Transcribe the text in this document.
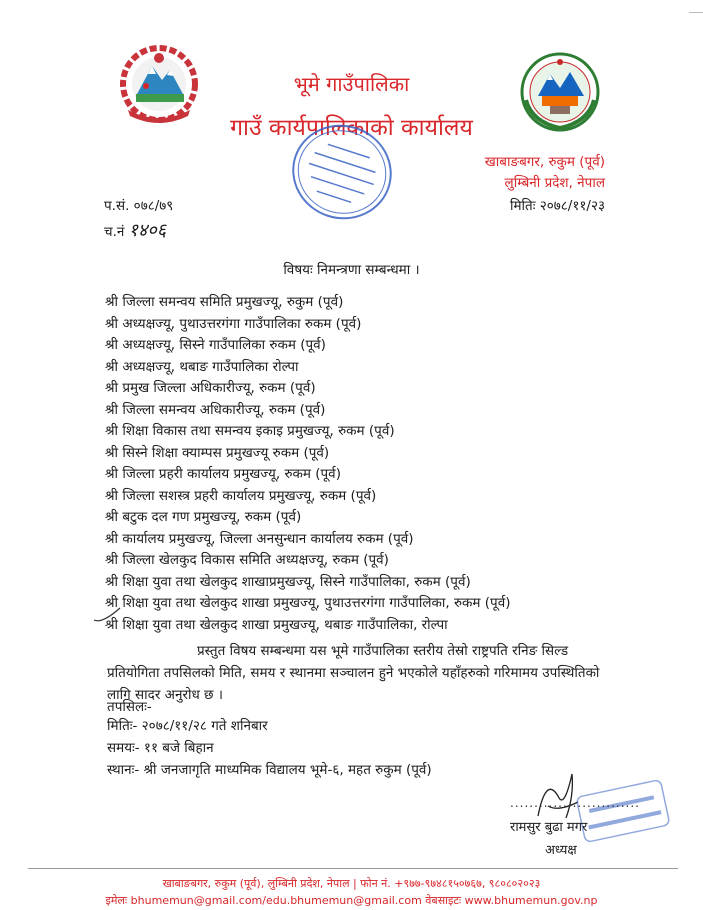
भूमे गाउँपालिका
गाउँ कार्यपालिकाको कार्यालय
खाबाङबगर, रुकुम (पूर्व)
लुम्बिनी प्रदेश, नेपाल
मितिः २०७८/११/२३
प.सं. ०७८/७९
च.नं १४०६
विषयः निमन्त्रणा सम्बन्धमा ।
श्री जिल्ला समन्वय समिति प्रमुखज्यू, रुकुम (पूर्व)
श्री अध्यक्षज्यू, पुथाउत्तरगंगा गाउँपालिका रुकम (पूर्व)
श्री अध्यक्षज्यू, सिस्ने गाउँपालिका रुकम (पूर्व)
श्री अध्यक्षज्यू, थबाङ गाउँपालिका रोल्पा
श्री प्रमुख जिल्ला अधिकारीज्यू, रुकम (पूर्व)
श्री जिल्ला समन्वय अधिकारीज्यू, रुकम (पूर्व)
श्री शिक्षा विकास तथा समन्वय इकाइ प्रमुखज्यू, रुकम (पूर्व)
श्री सिस्ने शिक्षा क्याम्पस प्रमुखज्यू रुकम (पूर्व)
श्री जिल्ला प्रहरी कार्यालय प्रमुखज्यू, रुकम (पूर्व)
श्री जिल्ला सशस्त्र प्रहरी कार्यालय प्रमुखज्यू, रुकम (पूर्व)
श्री बटुक दल गण प्रमुखज्यू, रुकम (पूर्व)
श्री कार्यालय प्रमुखज्यू, जिल्ला अनसुन्धान कार्यालय रुकम (पूर्व)
श्री जिल्ला खेलकुद विकास समिति अध्यक्षज्यू, रुकम (पूर्व)
श्री शिक्षा युवा तथा खेलकुद शाखाप्रमुखज्यू, सिस्ने गाउँपालिका, रुकम (पूर्व)
श्री शिक्षा युवा तथा खेलकुद शाखा प्रमुखज्यू, पुथाउत्तरगंगा गाउँपालिका, रुकम (पूर्व)
श्री शिक्षा युवा तथा खेलकुद शाखा प्रमुखज्यू, थबाङ गाउँपालिका, रोल्पा

प्रस्तुत विषय सम्बन्धमा यस भूमे गाउँपालिका स्तरीय तेस्रो राष्ट्रपति रनिङ सिल्ड प्रतियोगिता तपसिलको मिति, समय र स्थानमा सञ्चालन हुने भएकोले यहाँहरुको गरिमामय उपस्थितिको लागि सादर अनुरोध छ ।

तपसिलः-
मितिः- २०७८/११/२८ गते शनिबार
समयः- ११ बजे बिहान
स्थानः- श्री जनजागृति माध्यमिक विद्यालय भूमे-६, महत रुकुम (पूर्व)
...........................
रामसुर बुढा मगर
अध्यक्ष
खाबाङबगर, रुकुम (पूर्व), लुम्बिनी प्रदेश, नेपाल | फोन नं. +९७७-९७४८१५०७६७, ९८०८०२०२३
इमेलः bhumemun@gmail.com/edu.bhumemun@gmail.com वेबसाइटः www.bhumemun.gov.np
